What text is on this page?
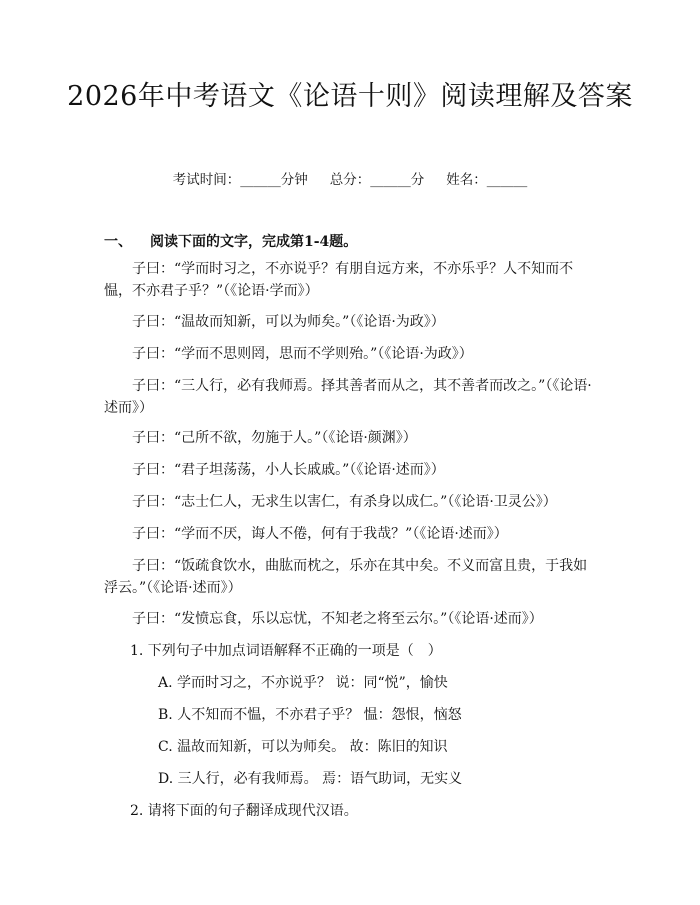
2026年中考语文《论语十则》阅读理解及答案
考试时间：______分钟 总分：______分 姓名：______
一、 阅读下面的文字，完成第1-4题。

子曰：“学而时习之，不亦说乎？有朋自远方来，不亦乐乎？人不知而不愠，不亦君子乎？”（《论语·学而》）

子曰：“温故而知新，可以为师矣。”（《论语·为政》）

子曰：“学而不思则罔，思而不学则殆。”（《论语·为政》）

子曰：“三人行，必有我师焉。择其善者而从之，其不善者而改之。”（《论语·述而》）

子曰：“己所不欲，勿施于人。”（《论语·颜渊》）

子曰：“君子坦荡荡，小人长戚戚。”（《论语·述而》）

子曰：“志士仁人，无求生以害仁，有杀身以成仁。”（《论语·卫灵公》）

子曰：“学而不厌，诲人不倦，何有于我哉？”（《论语·述而》）

子曰：“饭疏食饮水，曲肱而枕之，乐亦在其中矣。不义而富且贵，于我如浮云。”（《论语·述而》）

子曰：“发愤忘食，乐以忘忧，不知老之将至云尔。”（《论语·述而》）

1. 下列句子中加点词语解释不正确的一项是（　）
A. 学而时习之，不亦说乎？ 说：同“悦”，愉快
B. 人不知而不愠，不亦君子乎？ 愠：怨恨，恼怒
C. 温故而知新，可以为师矣。 故：陈旧的知识
D. 三人行，必有我师焉。 焉：语气助词，无实义
2. 请将下面的句子翻译成现代汉语。
